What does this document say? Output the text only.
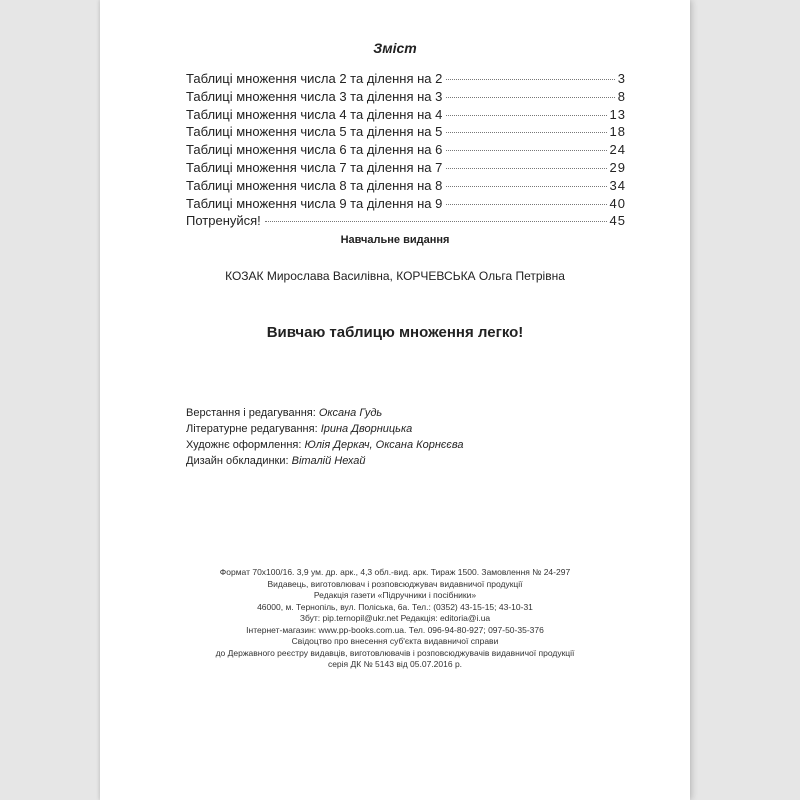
Зміст
Таблиці множення числа 2 та ділення на 2	3
Таблиці множення числа 3 та ділення на 3	8
Таблиці множення числа 4 та ділення на 4	13
Таблиці множення числа 5 та ділення на 5	18
Таблиці множення числа 6 та ділення на 6	24
Таблиці множення числа 7 та ділення на 7	29
Таблиці множення числа 8 та ділення на 8	34
Таблиці множення числа 9 та ділення на 9	40
Потренуйся!	45
Навчальне видання
КОЗАК Мирослава Василівна, КОРЧЕВСЬКА Ольга Петрівна
Вивчаю таблицю множення легко!
Верстання і редагування: Оксана Гудь
Літературне редагування: Ірина Дворницька
Художнє оформлення: Юлія Деркач, Оксана Корнєєва
Дизайн обкладинки: Віталій Нехай
Формат 70х100/16. 3,9 ум. др. арк., 4,3 обл.-вид. арк. Тираж 1500. Замовлення № 24-297
Видавець, виготовлювач і розповсюджувач видавничої продукції
Редакція газети «Підручники і посібники»
46000, м. Тернопіль, вул. Поліська, 6а. Тел.: (0352) 43-15-15; 43-10-31
Збут: pip.ternopil@ukr.net Редакція: editoria@i.ua
Інтернет-магазин: www.pp-books.com.ua. Тел. 096-94-80-927; 097-50-35-376
Свідоцтво про внесення суб'єкта видавничої справи
до Державного реєстру видавців, виготовлювачів і розповсюджувачів видавничої продукції
серія ДК № 5143 від 05.07.2016 р.
